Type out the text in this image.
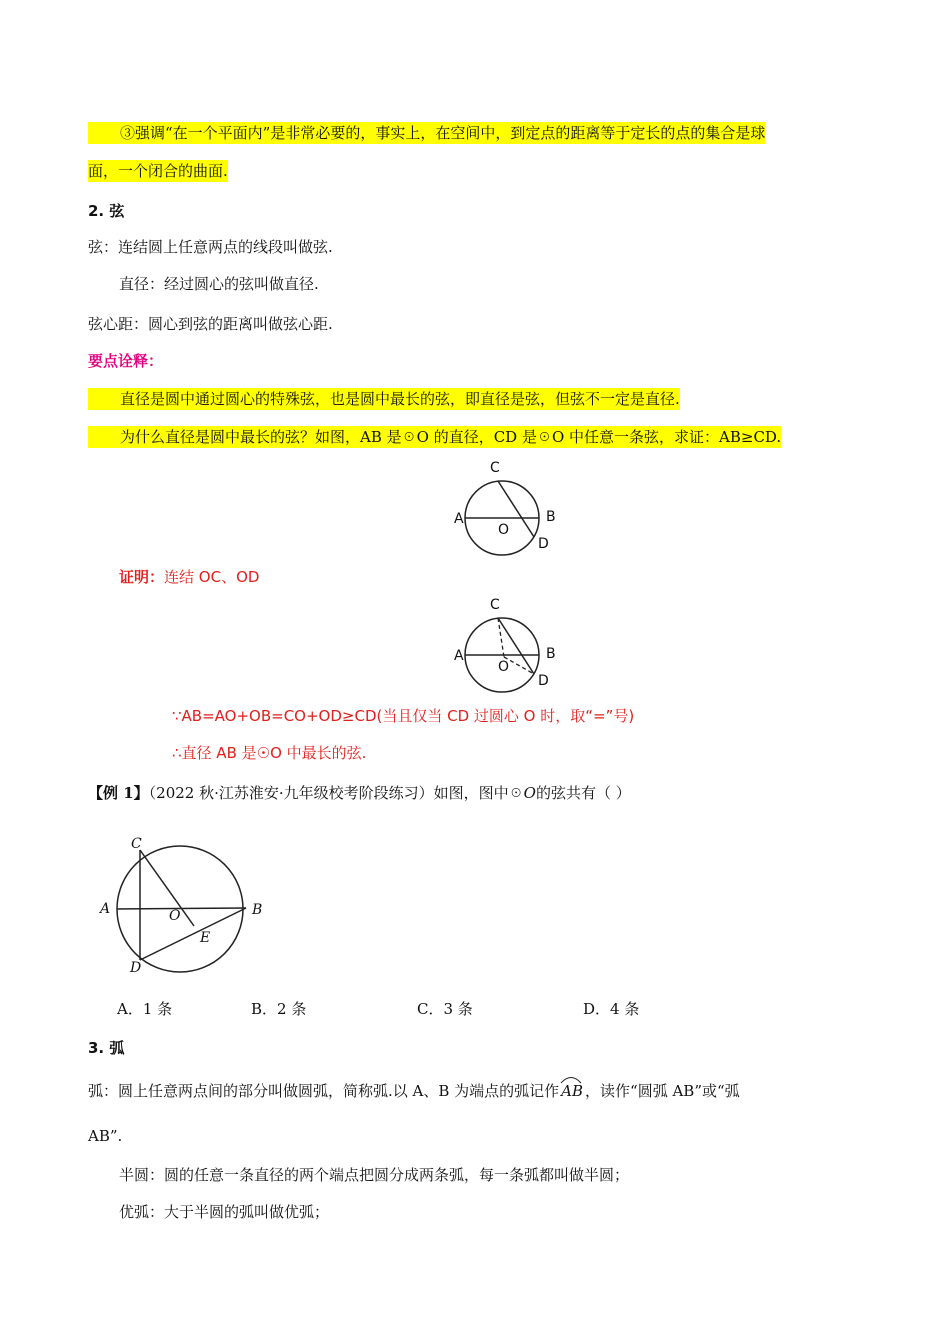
③强调“在一个平面内”是非常必要的，事实上，在空间中，到定点的距离等于定长的点的集合是球
面，一个闭合的曲面.
2. 弦
弦：连结圆上任意两点的线段叫做弦.
直径：经过圆心的弦叫做直径.
弦心距：圆心到弦的距离叫做弦心距.
要点诠释：
直径是圆中通过圆心的特殊弦，也是圆中最长的弦，即直径是弦，但弦不一定是直径.
为什么直径是圆中最长的弦？如图，AB 是☉O 的直径，CD 是☉O 中任意一条弦，求证：AB≥CD.
C
A	B
O
D
证明：连结 OC、OD
C
A	B
O
D
∵AB=AO+OB=CO+OD≥CD(当且仅当 CD 过圆心 O 时，取“=”号)
∴直径 AB 是☉O 中最长的弦.
【例 1】（2022 秋·江苏淮安·九年级校考阶段练习）如图，图中☉O的弦共有（ ）
C
A	B
O
E
D
A．1 条	B．2 条	C．3 条	D．4 条
3. 弧
弧：圆上任意两点间的部分叫做圆弧，简称弧.以 A、B 为端点的弧记作 AB ，读作“圆弧 AB”或“弧
AB”.
半圆：圆的任意一条直径的两个端点把圆分成两条弧，每一条弧都叫做半圆；
优弧：大于半圆的弧叫做优弧；
